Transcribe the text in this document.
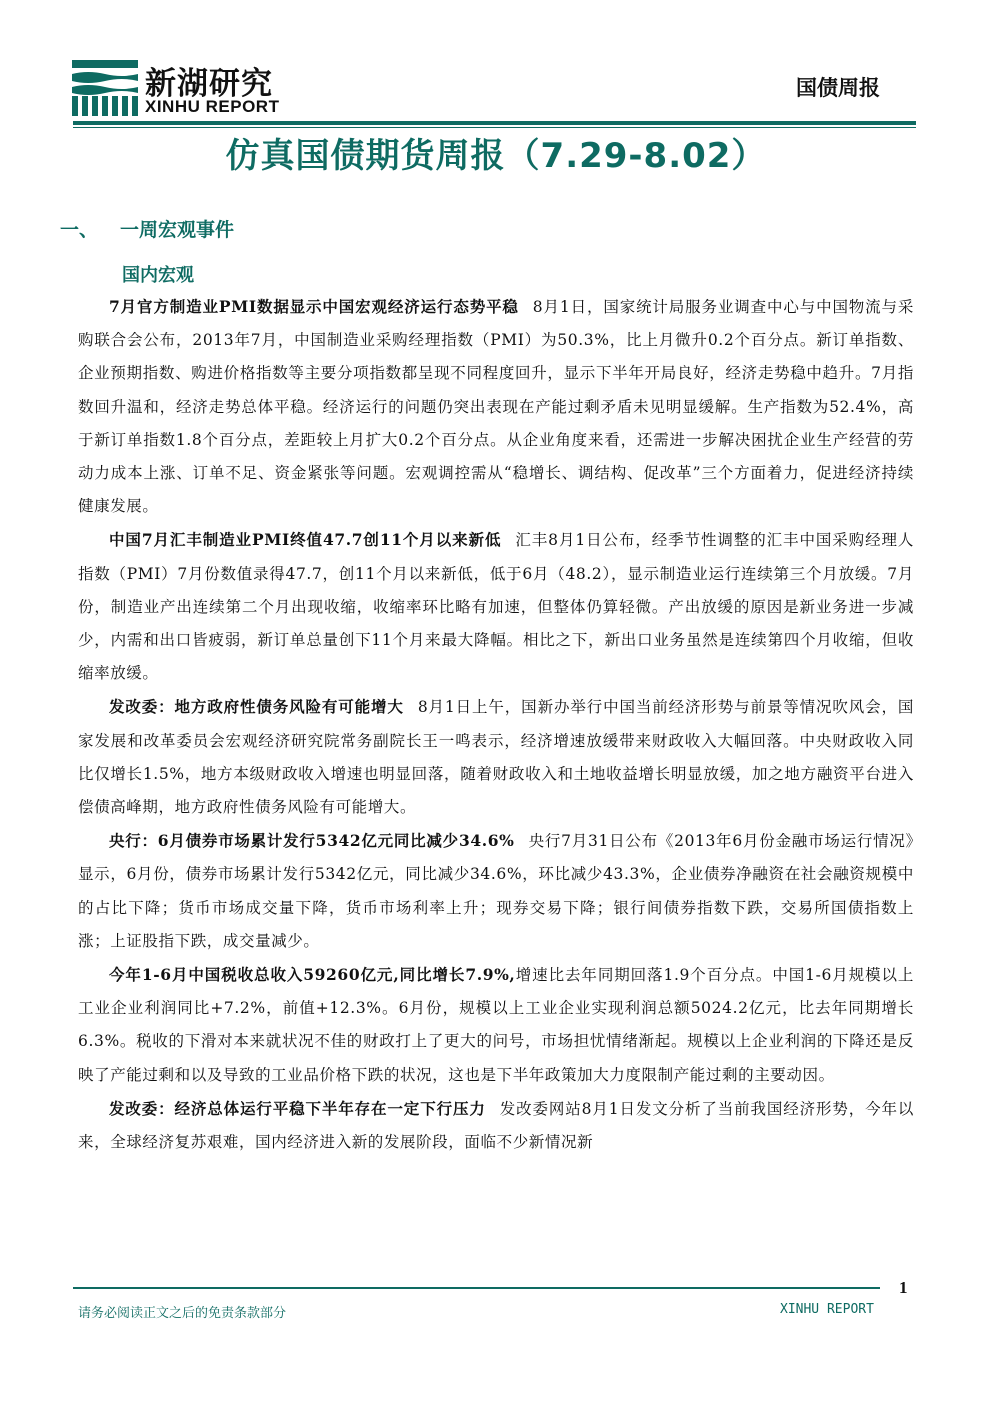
新湖研究
XINHU REPORT
国债周报
仿真国债期货周报（7.29-8.02）
一、 一周宏观事件
国内宏观

7月官方制造业PMI数据显示中国宏观经济运行态势平稳 8月1日，国家统计局服务业调查中心与中国物流与采购联合会公布，2013年7月，中国制造业采购经理指数（PMI）为50.3%，比上月微升0.2个百分点。新订单指数、企业预期指数、购进价格指数等主要分项指数都呈现不同程度回升，显示下半年开局良好，经济走势稳中趋升。7月指数回升温和，经济走势总体平稳。经济运行的问题仍突出表现在产能过剩矛盾未见明显缓解。生产指数为52.4%，高于新订单指数1.8个百分点，差距较上月扩大0.2个百分点。从企业角度来看，还需进一步解决困扰企业生产经营的劳动力成本上涨、订单不足、资金紧张等问题。宏观调控需从“稳增长、调结构、促改革”三个方面着力，促进经济持续健康发展。

中国7月汇丰制造业PMI终值47.7创11个月以来新低 汇丰8月1日公布，经季节性调整的汇丰中国采购经理人指数（PMI）7月份数值录得47.7，创11个月以来新低，低于6月（48.2），显示制造业运行连续第三个月放缓。7月份，制造业产出连续第二个月出现收缩，收缩率环比略有加速，但整体仍算轻微。产出放缓的原因是新业务进一步减少，内需和出口皆疲弱，新订单总量创下11个月来最大降幅。相比之下，新出口业务虽然是连续第四个月收缩，但收缩率放缓。

发改委：地方政府性债务风险有可能增大 8月1日上午，国新办举行中国当前经济形势与前景等情况吹风会，国家发展和改革委员会宏观经济研究院常务副院长王一鸣表示，经济增速放缓带来财政收入大幅回落。中央财政收入同比仅增长1.5%，地方本级财政收入增速也明显回落，随着财政收入和土地收益增长明显放缓，加之地方融资平台进入偿债高峰期，地方政府性债务风险有可能增大。

央行：6月债券市场累计发行5342亿元同比减少34.6% 央行7月31日公布《2013年6月份金融市场运行情况》显示，6月份，债券市场累计发行5342亿元，同比减少34.6%，环比减少43.3%，企业债券净融资在社会融资规模中的占比下降；货币市场成交量下降，货币市场利率上升；现券交易下降；银行间债券指数下跌，交易所国债指数上涨；上证股指下跌，成交量减少。

今年1-6月中国税收总收入59260亿元,同比增长7.9%,增速比去年同期回落1.9个百分点。中国1-6月规模以上工业企业利润同比+7.2%，前值+12.3%。6月份，规模以上工业企业实现利润总额5024.2亿元，比去年同期增长6.3%。税收的下滑对本来就状况不佳的财政打上了更大的问号，市场担忧情绪渐起。规模以上企业利润的下降还是反映了产能过剩和以及导致的工业品价格下跌的状况，这也是下半年政策加大力度限制产能过剩的主要动因。

发改委：经济总体运行平稳下半年存在一定下行压力 发改委网站8月1日发文分析了当前我国经济形势，今年以来，全球经济复苏艰难，国内经济进入新的发展阶段，面临不少新情况新

1
请务必阅读正文之后的免责条款部分	XINHU REPORT
